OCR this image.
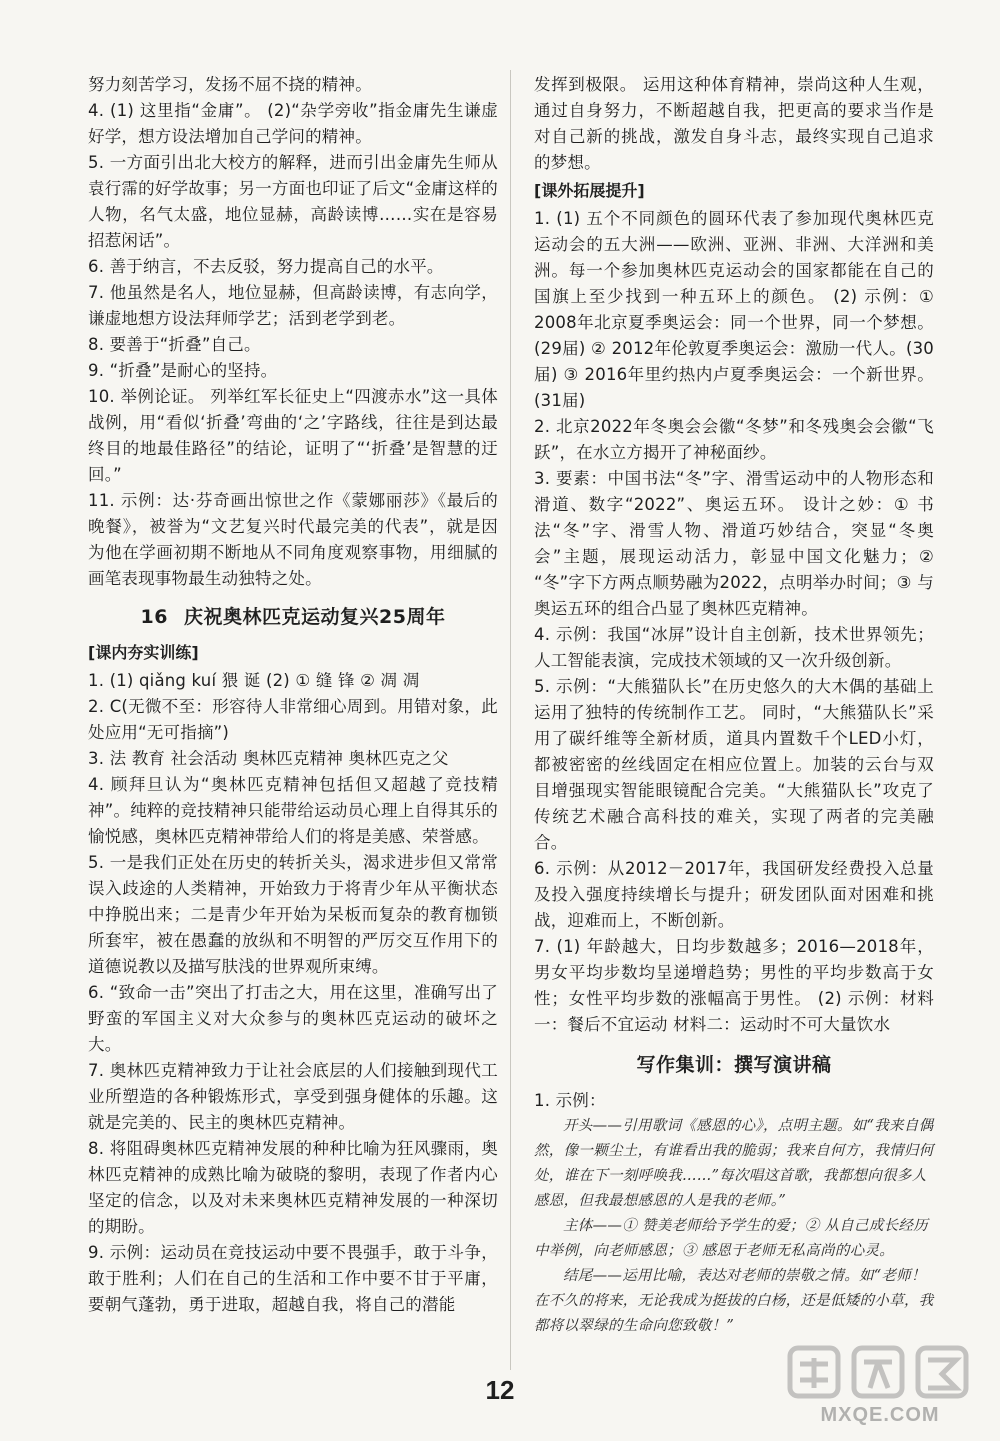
努力刻苦学习，发扬不屈不挠的精神。

4. (1) 这里指“金庸”。 (2)“杂学旁收”指金庸先生谦虚好学，想方设法增加自己学问的精神。

5. 一方面引出北大校方的解释，进而引出金庸先生师从袁行霈的好学故事；另一方面也印证了后文“金庸这样的人物，名气太盛，地位显赫，高龄读博……实在是容易招惹闲话”。

6. 善于纳言，不去反驳，努力提高自己的水平。

7. 他虽然是名人，地位显赫，但高龄读博，有志向学，谦虚地想方设法拜师学艺；活到老学到老。

8. 要善于“折叠”自己。

9. “折叠”是耐心的坚持。

10. 举例论证。 列举红军长征史上“四渡赤水”这一具体战例，用“看似‘折叠’弯曲的‘之’字路线，往往是到达最终目的地最佳路径”的结论，证明了“‘折叠’是智慧的迂回。”

11. 示例：达·芬奇画出惊世之作《蒙娜丽莎》《最后的晚餐》，被誉为“文艺复兴时代最完美的代表”，就是因为他在学画初期不断地从不同角度观察事物，用细腻的画笔表现事物最生动独特之处。

16 庆祝奥林匹克运动复兴25周年
[课内夯实训练]

1. (1) qiǎng kuí 猥 诞 (2) ① 缝 锋 ② 凋 凋

2. C(无微不至：形容待人非常细心周到。用错对象，此处应用“无可指摘”)

3. 法 教育 社会活动 奥林匹克精神 奥林匹克之父

4. 顾拜旦认为“奥林匹克精神包括但又超越了竞技精神”。纯粹的竞技精神只能带给运动员心理上自得其乐的愉悦感，奥林匹克精神带给人们的将是美感、荣誉感。

5. 一是我们正处在历史的转折关头，渴求进步但又常常误入歧途的人类精神，开始致力于将青少年从平衡状态中挣脱出来；二是青少年开始为呆板而复杂的教育枷锁所套牢，被在愚蠢的放纵和不明智的严厉交互作用下的道德说教以及描写肤浅的世界观所束缚。

6. “致命一击”突出了打击之大，用在这里，准确写出了野蛮的军国主义对大众参与的奥林匹克运动的破坏之大。

7. 奥林匹克精神致力于让社会底层的人们接触到现代工业所塑造的各种锻炼形式，享受到强身健体的乐趣。这就是完美的、民主的奥林匹克精神。

8. 将阻碍奥林匹克精神发展的种种比喻为狂风骤雨，奥林匹克精神的成熟比喻为破晓的黎明，表现了作者内心坚定的信念，以及对未来奥林匹克精神发展的一种深切的期盼。

9. 示例：运动员在竞技运动中要不畏强手，敢于斗争，敢于胜利；人们在自己的生活和工作中要不甘于平庸，要朝气蓬勃，勇于进取，超越自我，将自己的潜能

发挥到极限。 运用这种体育精神，崇尚这种人生观，通过自身努力，不断超越自我，把更高的要求当作是对自己新的挑战，激发自身斗志，最终实现自己追求的梦想。

[课外拓展提升]

1. (1) 五个不同颜色的圆环代表了参加现代奥林匹克运动会的五大洲——欧洲、亚洲、非洲、大洋洲和美洲。每一个参加奥林匹克运动会的国家都能在自己的国旗上至少找到一种五环上的颜色。 (2) 示例：① 2008年北京夏季奥运会：同一个世界，同一个梦想。(29届) ② 2012年伦敦夏季奥运会：激励一代人。(30届) ③ 2016年里约热内卢夏季奥运会：一个新世界。(31届)

2. 北京2022年冬奥会会徽“冬梦”和冬残奥会会徽“飞跃”，在水立方揭开了神秘面纱。

3. 要素：中国书法“冬”字、滑雪运动中的人物形态和滑道、数字“2022”、奥运五环。 设计之妙：① 书法“冬”字、滑雪人物、滑道巧妙结合，突显“冬奥会”主题，展现运动活力，彰显中国文化魅力；② “冬”字下方两点顺势融为2022，点明举办时间；③ 与奥运五环的组合凸显了奥林匹克精神。

4. 示例：我国“冰屏”设计自主创新，技术世界领先；人工智能表演，完成技术领域的又一次升级创新。

5. 示例：“大熊猫队长”在历史悠久的大木偶的基础上运用了独特的传统制作工艺。 同时，“大熊猫队长”采用了碳纤维等全新材质，道具内置数千个LED小灯，都被密密的丝线固定在相应位置上。加装的云台与双目增强现实智能眼镜配合完美。“大熊猫队长”攻克了传统艺术融合高科技的难关，实现了两者的完美融合。

6. 示例：从2012－2017年，我国研发经费投入总量及投入强度持续增长与提升；研发团队面对困难和挑战，迎难而上，不断创新。

7. (1) 年龄越大，日均步数越多；2016—2018年，男女平均步数均呈递增趋势；男性的平均步数高于女性；女性平均步数的涨幅高于男性。 (2) 示例：材料一：餐后不宜运动 材料二：运动时不可大量饮水

写作集训：撰写演讲稿

1. 示例：

开头——引用歌词《感恩的心》，点明主题。如“我来自偶然，像一颗尘土，有谁看出我的脆弱；我来自何方，我情归何处，谁在下一刻呼唤我……”每次唱这首歌，我都想向很多人感恩，但我最想感恩的人是我的老师。”

主体——① 赞美老师给予学生的爱；② 从自己成长经历中举例，向老师感恩；③ 感恩于老师无私高尚的心灵。

结尾——运用比喻，表达对老师的崇敬之情。如“老师！在不久的将来，无论我成为挺拔的白杨，还是低矮的小草，我都将以翠绿的生命向您致敬！”

12
MXQE.COM
